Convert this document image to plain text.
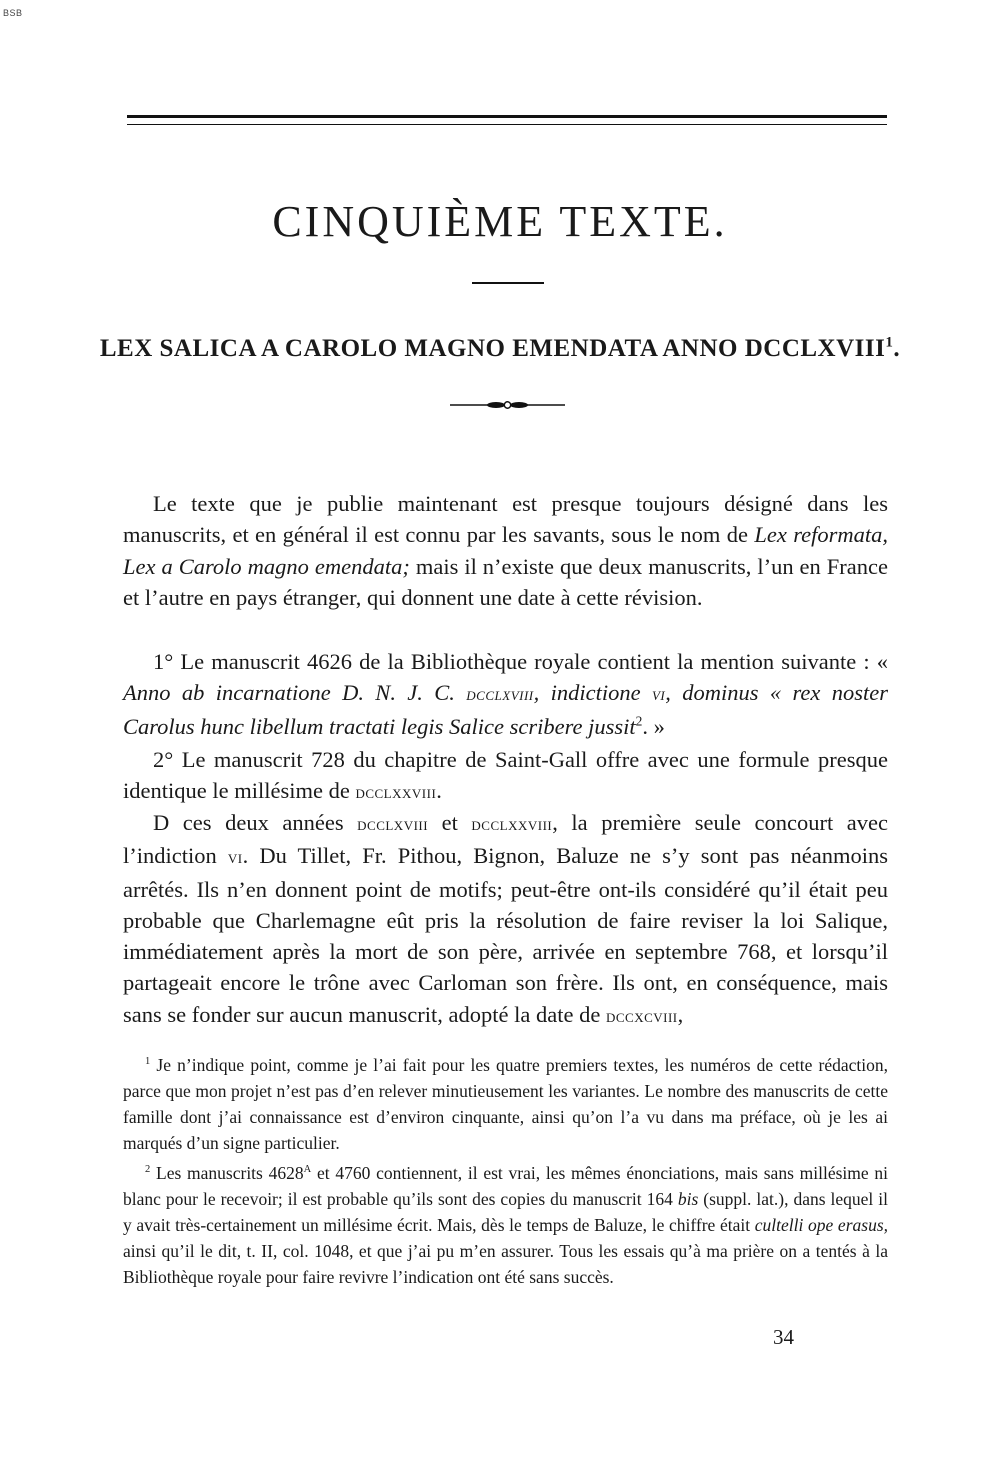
BSB
CINQUIÈME TEXTE.
LEX SALICA A CAROLO MAGNO EMENDATA ANNO DCCLXVIII$^1$.

Le texte que je publie maintenant est presque toujours désigné dans les manuscrits, et en général il est connu par les savants, sous le nom de Lex reformata, Lex a Carolo magno emendata; mais il n’existe que deux manuscrits, l’un en France et l’autre en pays étranger, qui donnent une date à cette révision.

1° Le manuscrit 4626 de la Bibliothèque royale contient la mention suivante : « Anno ab incarnatione D. N. J. C. dcclxviii, indictione vi, dominus « rex noster Carolus hunc libellum tractati legis Salice scribere jussit$^2$. »

2° Le manuscrit 728 du chapitre de Saint-Gall offre avec une formule presque identique le millésime de dcclxxviii.

D ces deux années dcclxviii et dcclxxviii, la première seule concourt avec l’indiction vi. Du Tillet, Fr. Pithou, Bignon, Baluze ne s’y sont pas néanmoins arrêtés. Ils n’en donnent point de motifs; peut-être ont-ils considéré qu’il était peu probable que Charlemagne eût pris la résolution de faire reviser la loi Salique, immédiatement après la mort de son père, arrivée en septembre 768, et lorsqu’il partageait encore le trône avec Carloman son frère. Ils ont, en conséquence, mais sans se fonder sur aucun manuscrit, adopté la date de dccxcviii,

$^1$ Je n’indique point, comme je l’ai fait pour les quatre premiers textes, les numéros de cette rédaction, parce que mon projet n’est pas d’en relever minutieusement les variantes. Le nombre des manuscrits de cette famille dont j’ai connaissance est d’environ cinquante, ainsi qu’on l’a vu dans ma préface, où je les ai marqués d’un signe particulier.

$^2$ Les manuscrits $4628^A$ et 4760 contiennent, il est vrai, les mêmes énonciations, mais sans millésime ni blanc pour le recevoir; il est probable qu’ils sont des copies du manuscrit 164 bis (suppl. lat.), dans lequel il y avait très-certainement un millésime écrit. Mais, dès le temps de Baluze, le chiffre était cultelli ope erasus, ainsi qu’il le dit, t. II, col. 1048, et que j’ai pu m’en assurer. Tous les essais qu’à ma prière on a tentés à la Bibliothèque royale pour faire revivre l’indication ont été sans succès.

34
